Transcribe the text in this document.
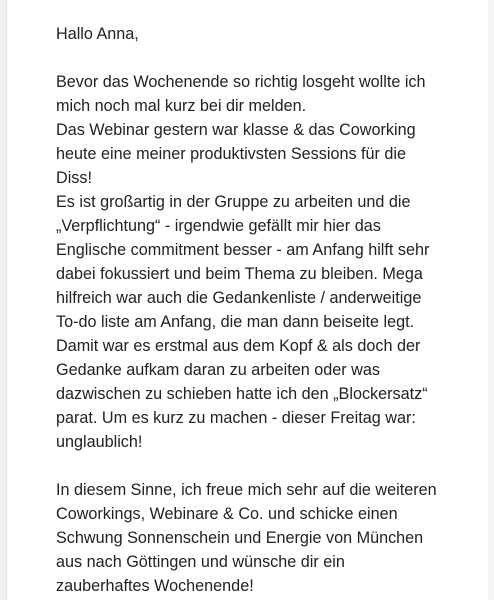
Hallo Anna,

Bevor das Wochenende so richtig losgeht wollte ich
mich noch mal kurz bei dir melden.
Das Webinar gestern war klasse & das Coworking
heute eine meiner produktivsten Sessions für die
Diss!
Es ist großartig in der Gruppe zu arbeiten und die
„Verpflichtung“ - irgendwie gefällt mir hier das
Englische commitment besser - am Anfang hilft sehr
dabei fokussiert und beim Thema zu bleiben. Mega
hilfreich war auch die Gedankenliste / anderweitige
To-do liste am Anfang, die man dann beiseite legt.
Damit war es erstmal aus dem Kopf & als doch der
Gedanke aufkam daran zu arbeiten oder was
dazwischen zu schieben hatte ich den „Blockersatz“
parat. Um es kurz zu machen - dieser Freitag war:
unglaublich!

In diesem Sinne, ich freue mich sehr auf die weiteren
Coworkings, Webinare & Co. und schicke einen
Schwung Sonnenschein und Energie von München
aus nach Göttingen und wünsche dir ein
zauberhaftes Wochenende!
